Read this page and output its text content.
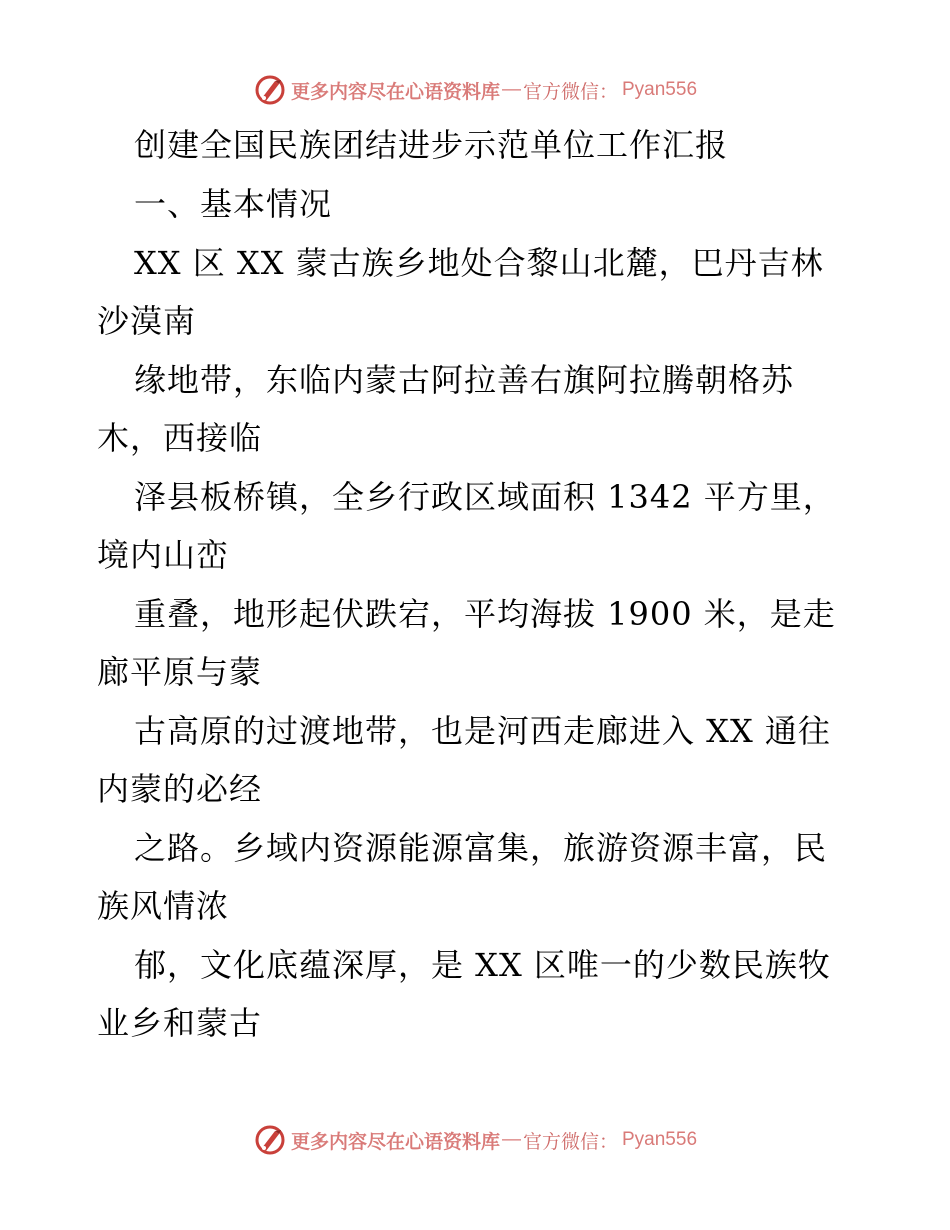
更多内容尽在心语资料库 — 官方微信： Pyan556

创建全国民族团结进步示范单位工作汇报

一、基本情况

XX 区 XX 蒙古族乡地处合黎山北麓，巴丹吉林

沙漠南

缘地带，东临内蒙古阿拉善右旗阿拉腾朝格苏

木，西接临

泽县板桥镇，全乡行政区域面积 1342 平方里，

境内山峦

重叠，地形起伏跌宕，平均海拔 1900 米，是走

廊平原与蒙

古高原的过渡地带，也是河西走廊进入 XX 通往

内蒙的必经

之路。乡域内资源能源富集，旅游资源丰富，民

族风情浓

郁，文化底蕴深厚，是 XX 区唯一的少数民族牧

业乡和蒙古

更多内容尽在心语资料库 — 官方微信： Pyan556
